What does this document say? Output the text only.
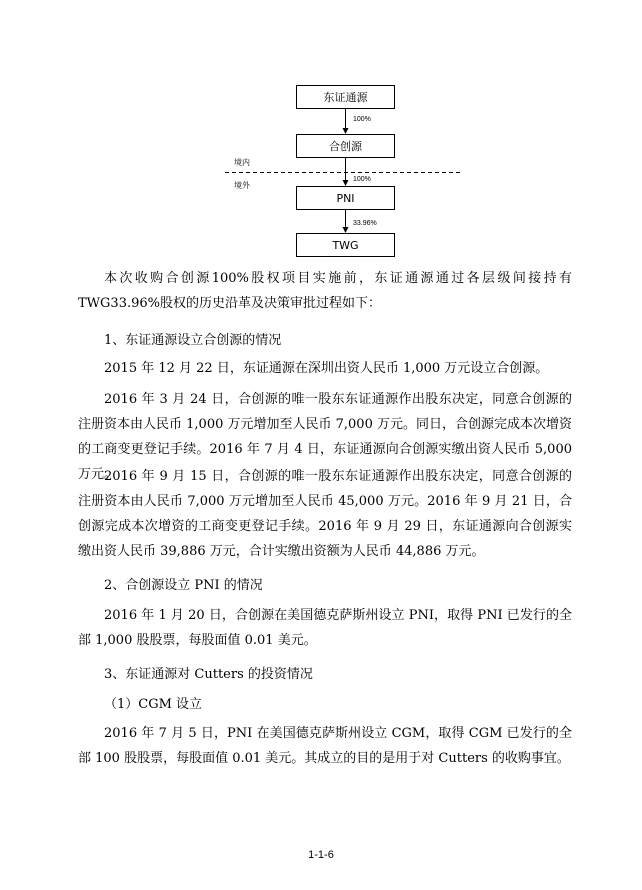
东证通源
100%
合创源
境内
境外
100%
PNI
33.96%
TWG

本次收购合创源100%股权项目实施前，东证通源通过各层级间接持有TWG33.96%股权的历史沿革及决策审批过程如下：

1、东证通源设立合创源的情况

2015 年 12 月 22 日，东证通源在深圳出资人民币 1,000 万元设立合创源。

2016 年 3 月 24 日，合创源的唯一股东东证通源作出股东决定，同意合创源的注册资本由人民币 1,000 万元增加至人民币 7,000 万元。同日，合创源完成本次增资的工商变更登记手续。2016 年 7 月 4 日，东证通源向合创源实缴出资人民币 5,000 万元。

2016 年 9 月 15 日，合创源的唯一股东东证通源作出股东决定，同意合创源的注册资本由人民币 7,000 万元增加至人民币 45,000 万元。2016 年 9 月 21 日，合创源完成本次增资的工商变更登记手续。2016 年 9 月 29 日，东证通源向合创源实缴出资人民币 39,886 万元，合计实缴出资额为人民币 44,886 万元。

2、合创源设立 PNI 的情况

2016 年 1 月 20 日，合创源在美国德克萨斯州设立 PNI，取得 PNI 已发行的全部 1,000 股股票，每股面值 0.01 美元。

3、东证通源对 Cutters 的投资情况

（1）CGM 设立

2016 年 7 月 5 日，PNI 在美国德克萨斯州设立 CGM，取得 CGM 已发行的全部 100 股股票，每股面值 0.01 美元。其成立的目的是用于对 Cutters 的收购事宜。

1-1-6
